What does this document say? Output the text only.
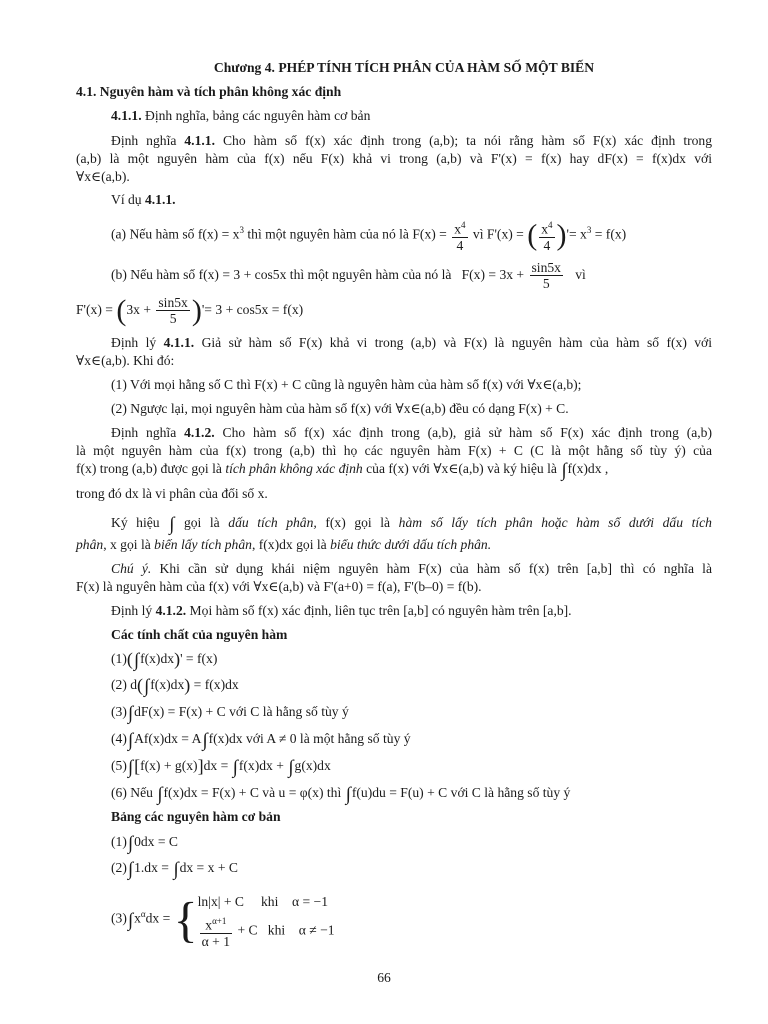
Chương 4. PHÉP TÍNH TÍCH PHÂN CỦA HÀM SỐ MỘT BIẾN
4.1. Nguyên hàm và tích phân không xác định
4.1.1. Định nghĩa, bảng các nguyên hàm cơ bản
Định nghĩa 4.1.1. Cho hàm số f(x) xác định trong (a,b); ta nói rằng hàm số F(x) xác định trong
(a,b) là một nguyên hàm của f(x) nếu F(x) khả vi trong (a,b) và F'(x) = f(x) hay dF(x) = f(x)dx với
∀x∈(a,b).
Ví dụ 4.1.1.
(a) Nếu hàm số $f(x) = x^3$ thì một nguyên hàm của nó là $F(x) = \frac{x^4}{4}$ vì F'(x) = ( $\frac{x^4}{4}$ )'= $x^3 = f(x)$
(b) Nếu hàm số f(x) = 3 + cos5x thì một nguyên hàm của nó là   $F(x) = 3x + \frac{\sin 5x}{5}$ vì
$F'(x) = (3x + \frac{\sin 5x}{5}$ )'= 3 + cos5x = f(x)
Định lý 4.1.1. Giả sử hàm số F(x) khả vi trong (a,b) và F(x) là nguyên hàm của hàm số f(x) với
∀x∈(a,b). Khi đó:
(1) Với mọi hằng số C thì F(x) + C cũng là nguyên hàm của hàm số f(x) với ∀x∈(a,b);
(2) Ngược lại, mọi nguyên hàm của hàm số f(x) với ∀x∈(a,b) đều có dạng F(x) + C.
Định nghĩa 4.1.2. Cho hàm số f(x) xác định trong (a,b), giả sử hàm số F(x) xác định trong (a,b)
là một nguyên hàm của f(x) trong (a,b) thì họ các nguyên hàm F(x) + C (C là một hằng số tùy ý) của
f(x) trong (a,b) được gọi là tích phân không xác định của f(x) với ∀x∈(a,b) và ký hiệu là ∫f(x)dx ,
trong đó dx là vi phân của đối số x.
Ký hiệu ∫ gọi là dấu tích phân, f(x) gọi là hàm số lấy tích phân hoặc hàm số dưới dấu tích
phân, x gọi là biến lấy tích phân, f(x)dx gọi là biểu thức dưới dấu tích phân.
Chú ý. Khi cần sử dụng khái niệm nguyên hàm F(x) của hàm số f(x) trên [a,b] thì có nghĩa là
F(x) là nguyên hàm của f(x) với ∀x∈(a,b) và F'(a+0) = f(a), F'(b–0) = f(b).
Định lý 4.1.2. Mọi hàm số f(x) xác định, liên tục trên [a,b] có nguyên hàm trên [a,b].
Các tính chất của nguyên hàm
(1)(∫f(x)dx)' = f(x)
(2) d(∫f(x)dx) = f(x)dx
(3)∫dF(x) = F(x) + C với C là hằng số tùy ý
(4)∫Af(x)dx = A∫f(x)dx với A ≠ 0 là một hằng số tùy ý
(5)∫[f(x) + g(x)]dx = ∫f(x)dx + ∫g(x)dx
(6) Nếu ∫f(x)dx = F(x) + C và u = φ(x) thì ∫f(u)du = F(u) + C với C là hằng số tùy ý
Bảng các nguyên hàm cơ bản
(1)∫0dx = C
(2)∫1.dx = ∫dx = x + C
$(3)\int x^\alpha dx$ = { ln|x| + C     khi α = −1
$\frac{x^{\alpha+1}}{\alpha + 1} + C$   khi α ≠ −1
66
